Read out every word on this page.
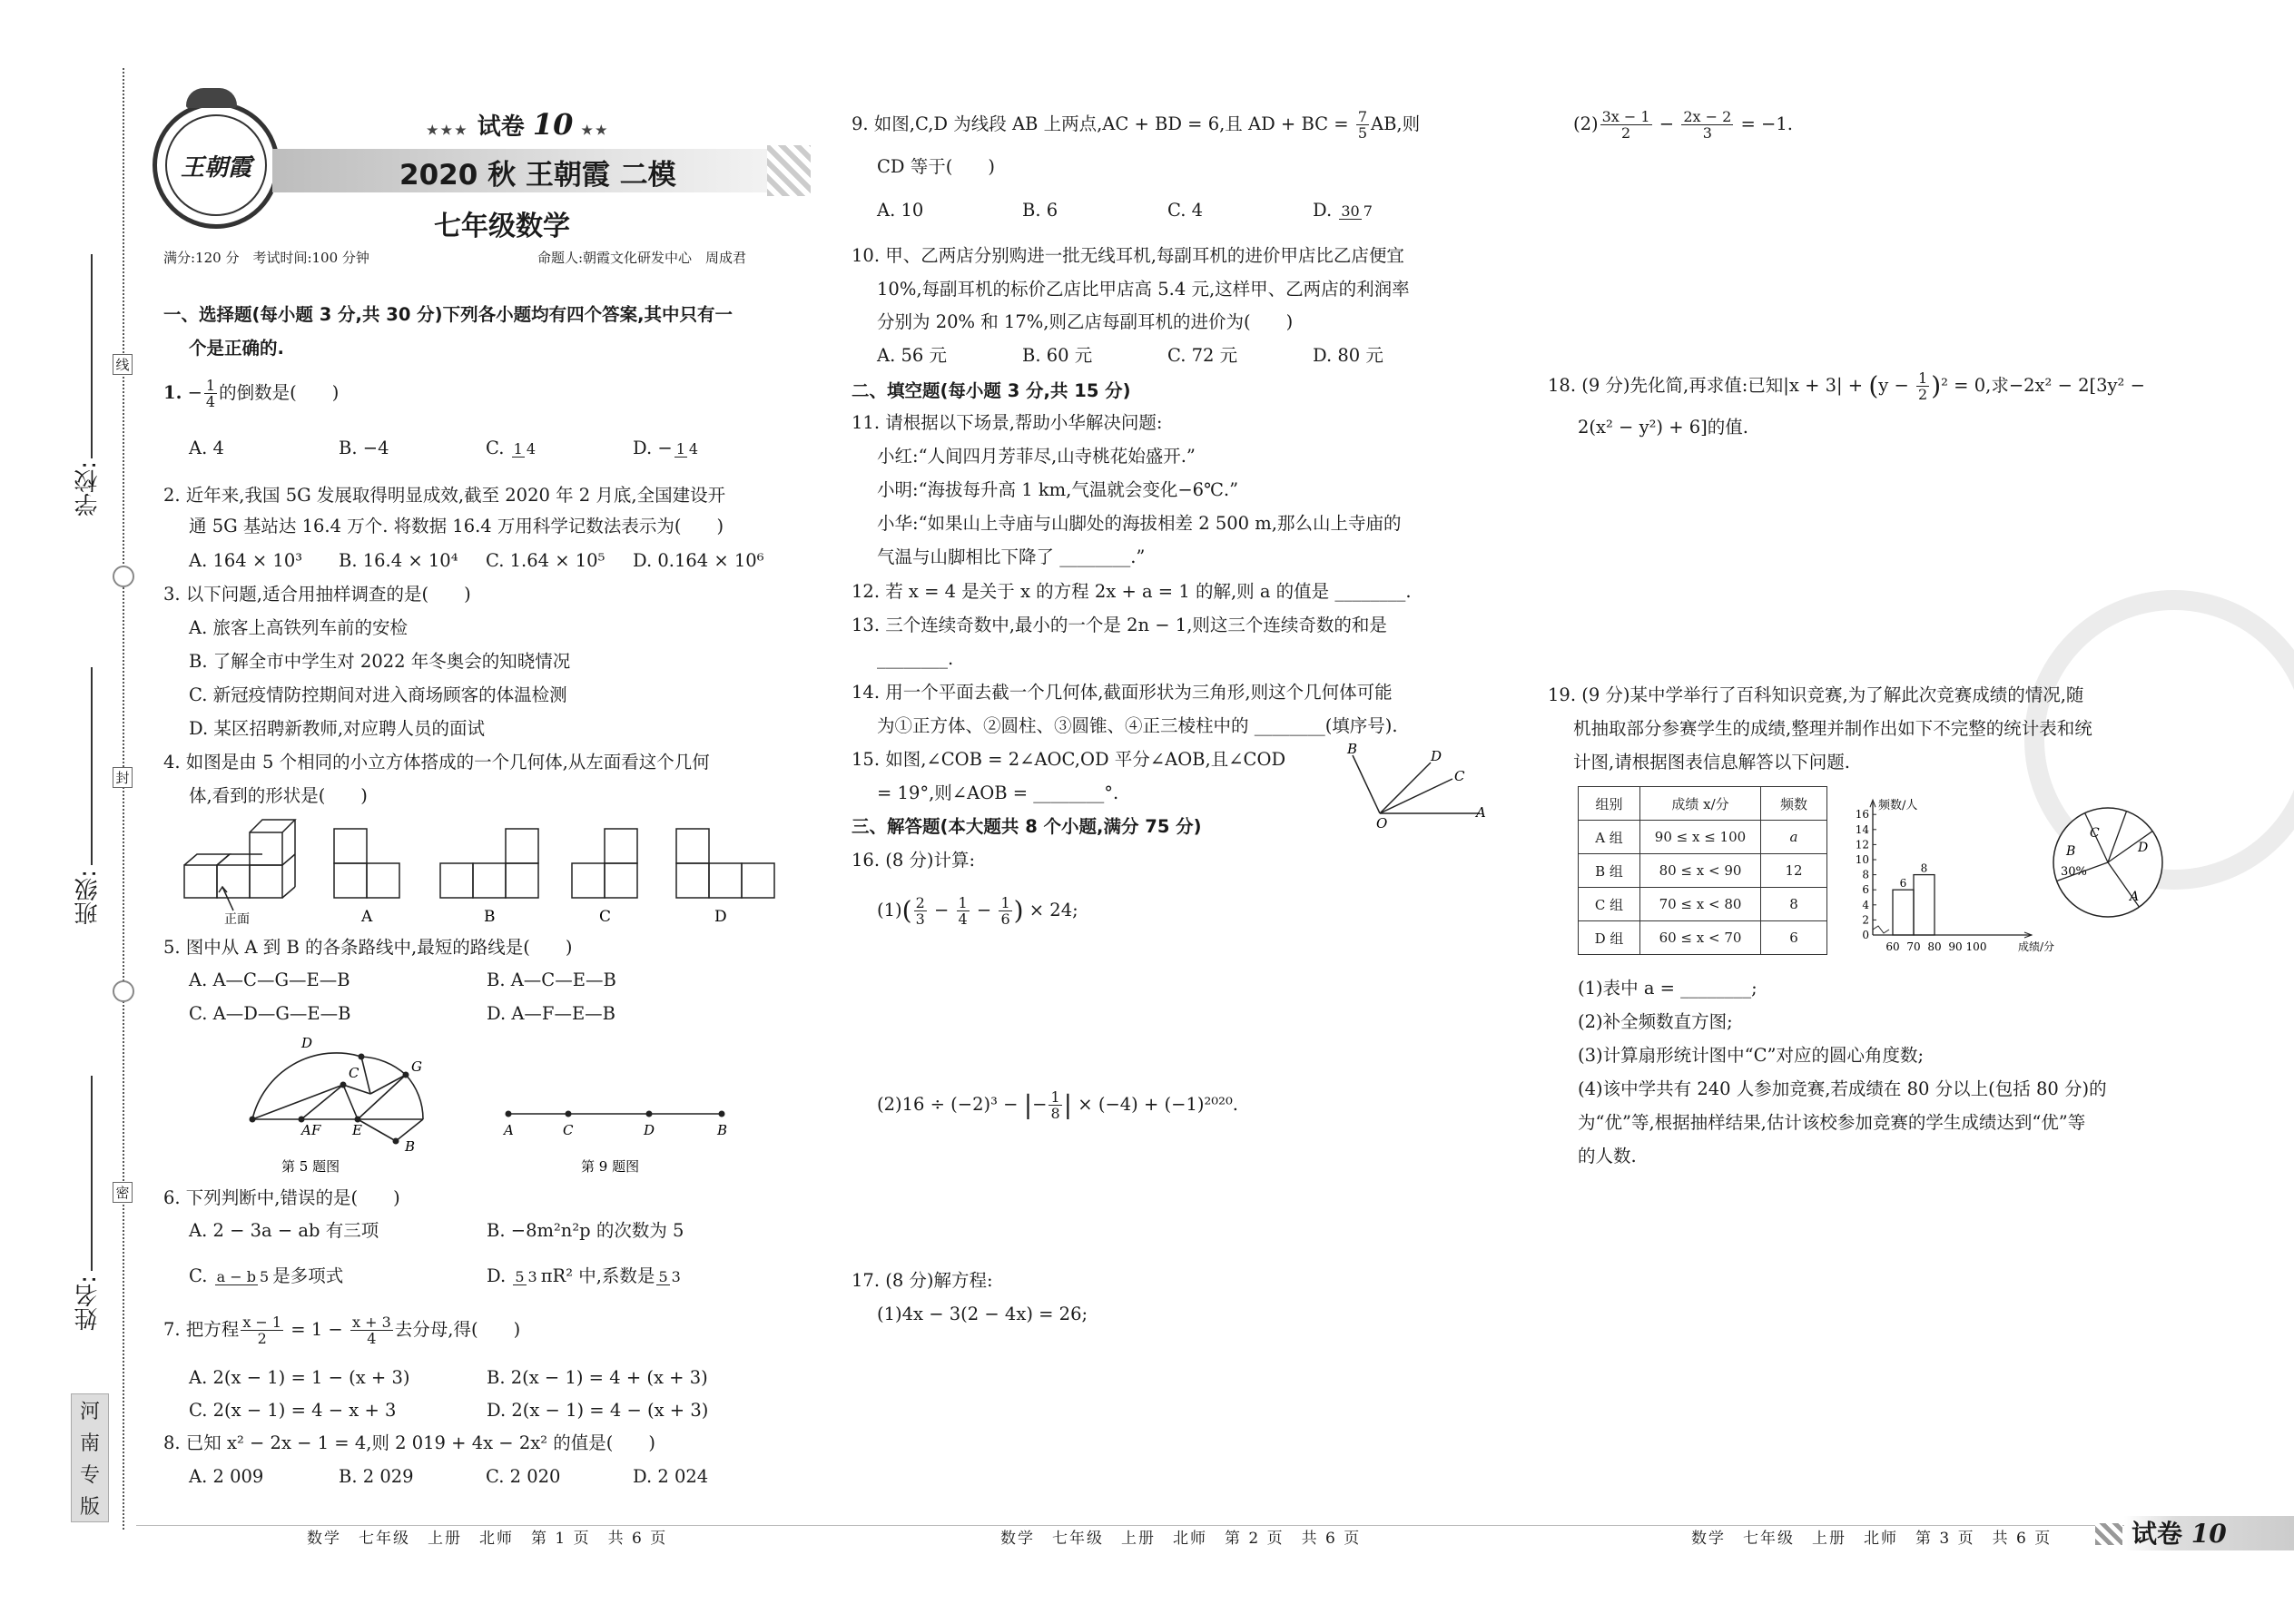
学校:
班级:
姓名:
线
封
密
河
南
专
版
王朝霞
★★★ 试卷 10 ★★
2020 秋 王朝霞 二模
七年级数学
满分:120 分　考试时间:100 分钟	命题人:朝霞文化研发中心　周成君
一、选择题(每小题 3 分,共 30 分)下列各小题均有四个答案,其中只有一
个是正确的.
1. − $\frac{1}{4}$ 的倒数是(　　)
A. 4	B. −4	C. 1 4	D. − 1 4
2. 近年来,我国 5G 发展取得明显成效,截至 2020 年 2 月底,全国建设开
通 5G 基站达 16.4 万个. 将数据 16.4 万用科学记数法表示为(　　)
A. 164 × 10³	B. 16.4 × 10⁴	C. 1.64 × 10⁵	D. 0.164 × 10⁶
3. 以下问题,适合用抽样调查的是(　　)
A. 旅客上高铁列车前的安检
B. 了解全市中学生对 2022 年冬奥会的知晓情况
C. 新冠疫情防控期间对进入商场顾客的体温检测
D. 某区招聘新教师,对应聘人员的面试
4. 如图是由 5 个相同的小立方体搭成的一个几何体,从左面看这个几何
体,看到的形状是(　　)
正面	A	B	C	D
5. 图中从 A 到 B 的各条路线中,最短的路线是(　　)
A. A—C—G—E—B	B. A—C—E—B
C. A—D—G—E—B	D. A—F—E—B
A F E
D
C	G
B
第 5 题图
A	C	D	B
第 9 题图
6. 下列判断中,错误的是(　　)
A. 2 − 3a − ab 有三项	B. −8m²n²p 的次数为 5
C. a − b 5 是多项式	D. 5 3 πR² 中,系数是 5 3
7. 把方程 $\frac{x - 1}{2} = 1 - \frac{x + 3}{4}$ 去分母,得(　　)
A. 2(x − 1) = 1 − (x + 3)	B. 2(x − 1) = 4 + (x + 3)
C. 2(x − 1) = 4 − x + 3	D. 2(x − 1) = 4 − (x + 3)
8. 已知 x² − 2x − 1 = 4,则 2 019 + 4x − 2x² 的值是(　　)
A. 2 009	B. 2 029	C. 2 020	D. 2 024
9. 如图,C,D 为线段 AB 上两点,AC + BD = 6,且 AD + BC = $\frac{7}{5}$ AB,则
CD 等于(　　)
A. 10	B. 6	C. 4	D. 30 7
10. 甲、乙两店分别购进一批无线耳机,每副耳机的进价甲店比乙店便宜
10%,每副耳机的标价乙店比甲店高 5.4 元,这样甲、乙两店的利润率
分别为 20% 和 17%,则乙店每副耳机的进价为(　　)
A. 56 元	B. 60 元	C. 72 元	D. 80 元
二、填空题(每小题 3 分,共 15 分)
11. 请根据以下场景,帮助小华解决问题:
小红:“人间四月芳菲尽,山寺桃花始盛开.”
小明:“海拔每升高 1 km,气温就会变化−6℃.”
小华:“如果山上寺庙与山脚处的海拔相差 2 500 m,那么山上寺庙的
气温与山脚相比下降了 ________.”
12. 若 x = 4 是关于 x 的方程 2x + a = 1 的解,则 a 的值是 ________.
13. 三个连续奇数中,最小的一个是 2n − 1,则这三个连续奇数的和是
________.
14. 用一个平面去截一个几何体,截面形状为三角形,则这个几何体可能
为①正方体、②圆柱、③圆锥、④正三棱柱中的 ________(填序号).
15. 如图,∠COB = 2∠AOC,OD 平分∠AOB,且∠COD
= 19°,则∠AOB = ________°.
B	D
C
O
A
三、解答题(本大题共 8 个小题,满分 75 分)
16. (8 分)计算:
$(1)( \frac{2}{3} - \frac{1}{4} - \frac{1}{6}$ ) × 24;
(2)16 ÷ (−2)³ − |− $\frac{1}{8}$ | × (−4) + (−1)²⁰²⁰.
17. (8 分)解方程:
(1)4x − 3(2 − 4x) = 26;
$(2) \frac{3x - 1}{2} - \frac{2x - 2}{3} = -1$.
18. (9 分)先化简,再求值:已知$|x + 3| + (y - \frac{1}{2} )^2 = 0$,求−2x² − 2[3y² −
2(x² − y²) + 6]的值.
19. (9 分)某中学举行了百科知识竞赛,为了解此次竞赛成绩的情况,随
机抽取部分参赛学生的成绩,整理并制作出如下不完整的统计表和统
计图,请根据图表信息解答以下问题.
组别	成绩 x/分	频数
A 组	90 ≤ x ≤ 100	a
B 组	80 ≤ x < 90	12
C 组	70 ≤ x < 80	8
D 组	60 ≤ x < 70	6
频数/人
0
2
4
6
8
10
12
14
16
60 70 80 90 100	成绩/分
6
8
A
B
30%
C
D
(1)表中 a = ________;
(2)补全频数直方图;
(3)计算扇形统计图中“C”对应的圆心角度数;
(4)该中学共有 240 人参加竞赛,若成绩在 80 分以上(包括 80 分)的
为“优”等,根据抽样结果,估计该校参加竞赛的学生成绩达到“优”等
的人数.
数学　七年级　上册　北师　第 1 页　共 6 页	数学　七年级　上册　北师　第 2 页　共 6 页	数学　七年级　上册　北师　第 3 页　共 6 页	试卷 10
